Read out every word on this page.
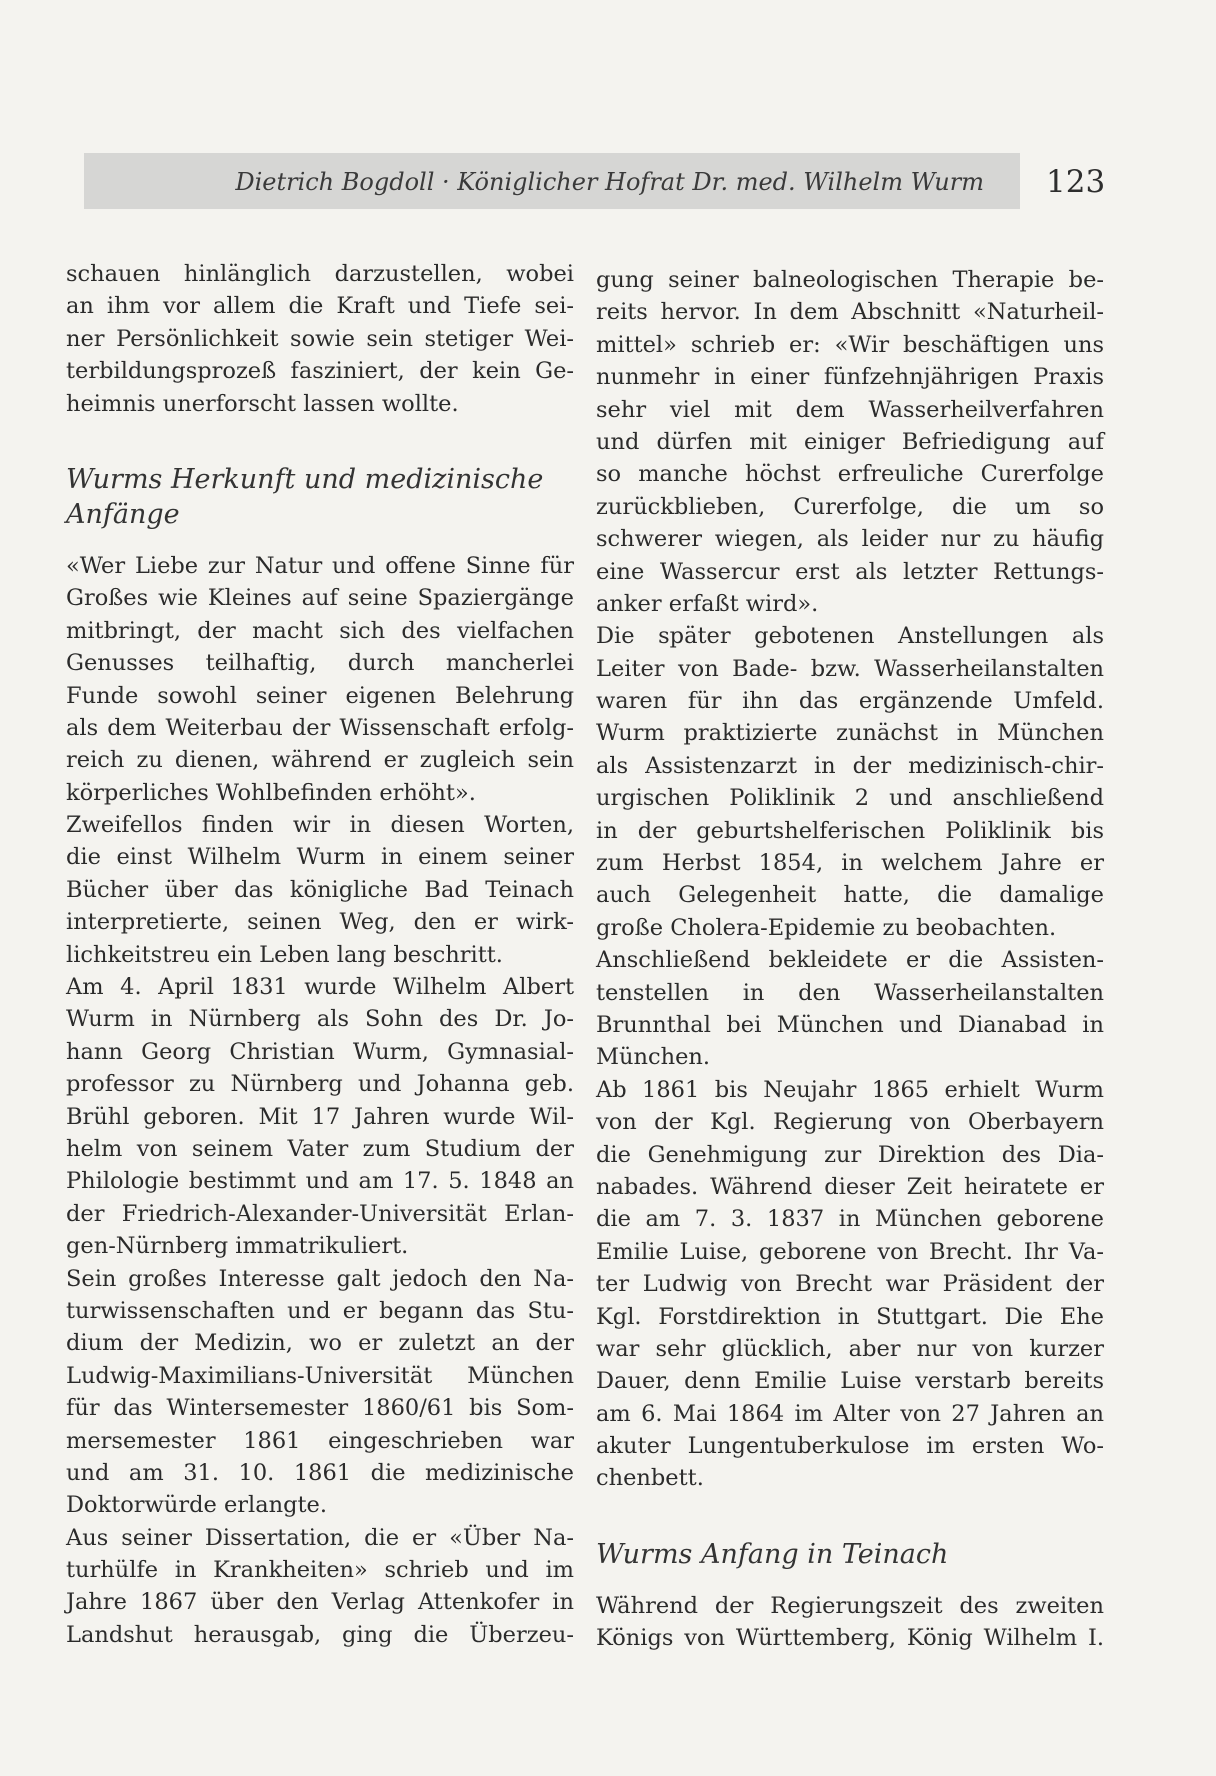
Dietrich Bogdoll · Königlicher Hofrat Dr. med. Wilhelm Wurm 123

schauen hinlänglich darzustellen, wobei
an ihm vor allem die Kraft und Tiefe sei-
ner Persönlichkeit sowie sein stetiger Wei-
terbildungsprozeß fasziniert, der kein Ge-
heimnis unerforscht lassen wollte.

Wurms Herkunft und medizinische
Anfänge

«Wer Liebe zur Natur und offene Sinne für
Großes wie Kleines auf seine Spaziergänge
mitbringt, der macht sich des vielfachen
Genusses teilhaftig, durch mancherlei
Funde sowohl seiner eigenen Belehrung
als dem Weiterbau der Wissenschaft erfolg-
reich zu dienen, während er zugleich sein
körperliches Wohlbefinden erhöht».

Zweifellos finden wir in diesen Worten,
die einst Wilhelm Wurm in einem seiner
Bücher über das königliche Bad Teinach
interpretierte, seinen Weg, den er wirk-
lichkeitstreu ein Leben lang beschritt.

Am 4. April 1831 wurde Wilhelm Albert
Wurm in Nürnberg als Sohn des Dr. Jo-
hann Georg Christian Wurm, Gymnasial-
professor zu Nürnberg und Johanna geb.
Brühl geboren. Mit 17 Jahren wurde Wil-
helm von seinem Vater zum Studium der
Philologie bestimmt und am 17. 5. 1848 an
der Friedrich-Alexander-Universität Erlan-
gen-Nürnberg immatrikuliert.

Sein großes Interesse galt jedoch den Na-
turwissenschaften und er begann das Stu-
dium der Medizin, wo er zuletzt an der
Ludwig-Maximilians-Universität München
für das Wintersemester 1860/61 bis Som-
mersemester 1861 eingeschrieben war
und am 31. 10. 1861 die medizinische
Doktorwürde erlangte.

Aus seiner Dissertation, die er «Über Na-
turhülfe in Krankheiten» schrieb und im
Jahre 1867 über den Verlag Attenkofer in
Landshut herausgab, ging die Überzeu-

gung seiner balneologischen Therapie be-
reits hervor. In dem Abschnitt «Naturheil-
mittel» schrieb er: «Wir beschäftigen uns
nunmehr in einer fünfzehnjährigen Praxis
sehr viel mit dem Wasserheilverfahren
und dürfen mit einiger Befriedigung auf
so manche höchst erfreuliche Curerfolge
zurückblieben, Curerfolge, die um so
schwerer wiegen, als leider nur zu häufig
eine Wassercur erst als letzter Rettungs-
anker erfaßt wird».

Die später gebotenen Anstellungen als
Leiter von Bade- bzw. Wasserheilanstalten
waren für ihn das ergänzende Umfeld.
Wurm praktizierte zunächst in München
als Assistenzarzt in der medizinisch-chir-
urgischen Poliklinik 2 und anschließend
in der geburtshelferischen Poliklinik bis
zum Herbst 1854, in welchem Jahre er
auch Gelegenheit hatte, die damalige
große Cholera-Epidemie zu beobachten.

Anschließend bekleidete er die Assisten-
tenstellen in den Wasserheilanstalten
Brunnthal bei München und Dianabad in
München.

Ab 1861 bis Neujahr 1865 erhielt Wurm
von der Kgl. Regierung von Oberbayern
die Genehmigung zur Direktion des Dia-
nabades. Während dieser Zeit heiratete er
die am 7. 3. 1837 in München geborene
Emilie Luise, geborene von Brecht. Ihr Va-
ter Ludwig von Brecht war Präsident der
Kgl. Forstdirektion in Stuttgart. Die Ehe
war sehr glücklich, aber nur von kurzer
Dauer, denn Emilie Luise verstarb bereits
am 6. Mai 1864 im Alter von 27 Jahren an
akuter Lungentuberkulose im ersten Wo-
chenbett.

Wurms Anfang in Teinach

Während der Regierungszeit des zweiten
Königs von Württemberg, König Wilhelm I.
